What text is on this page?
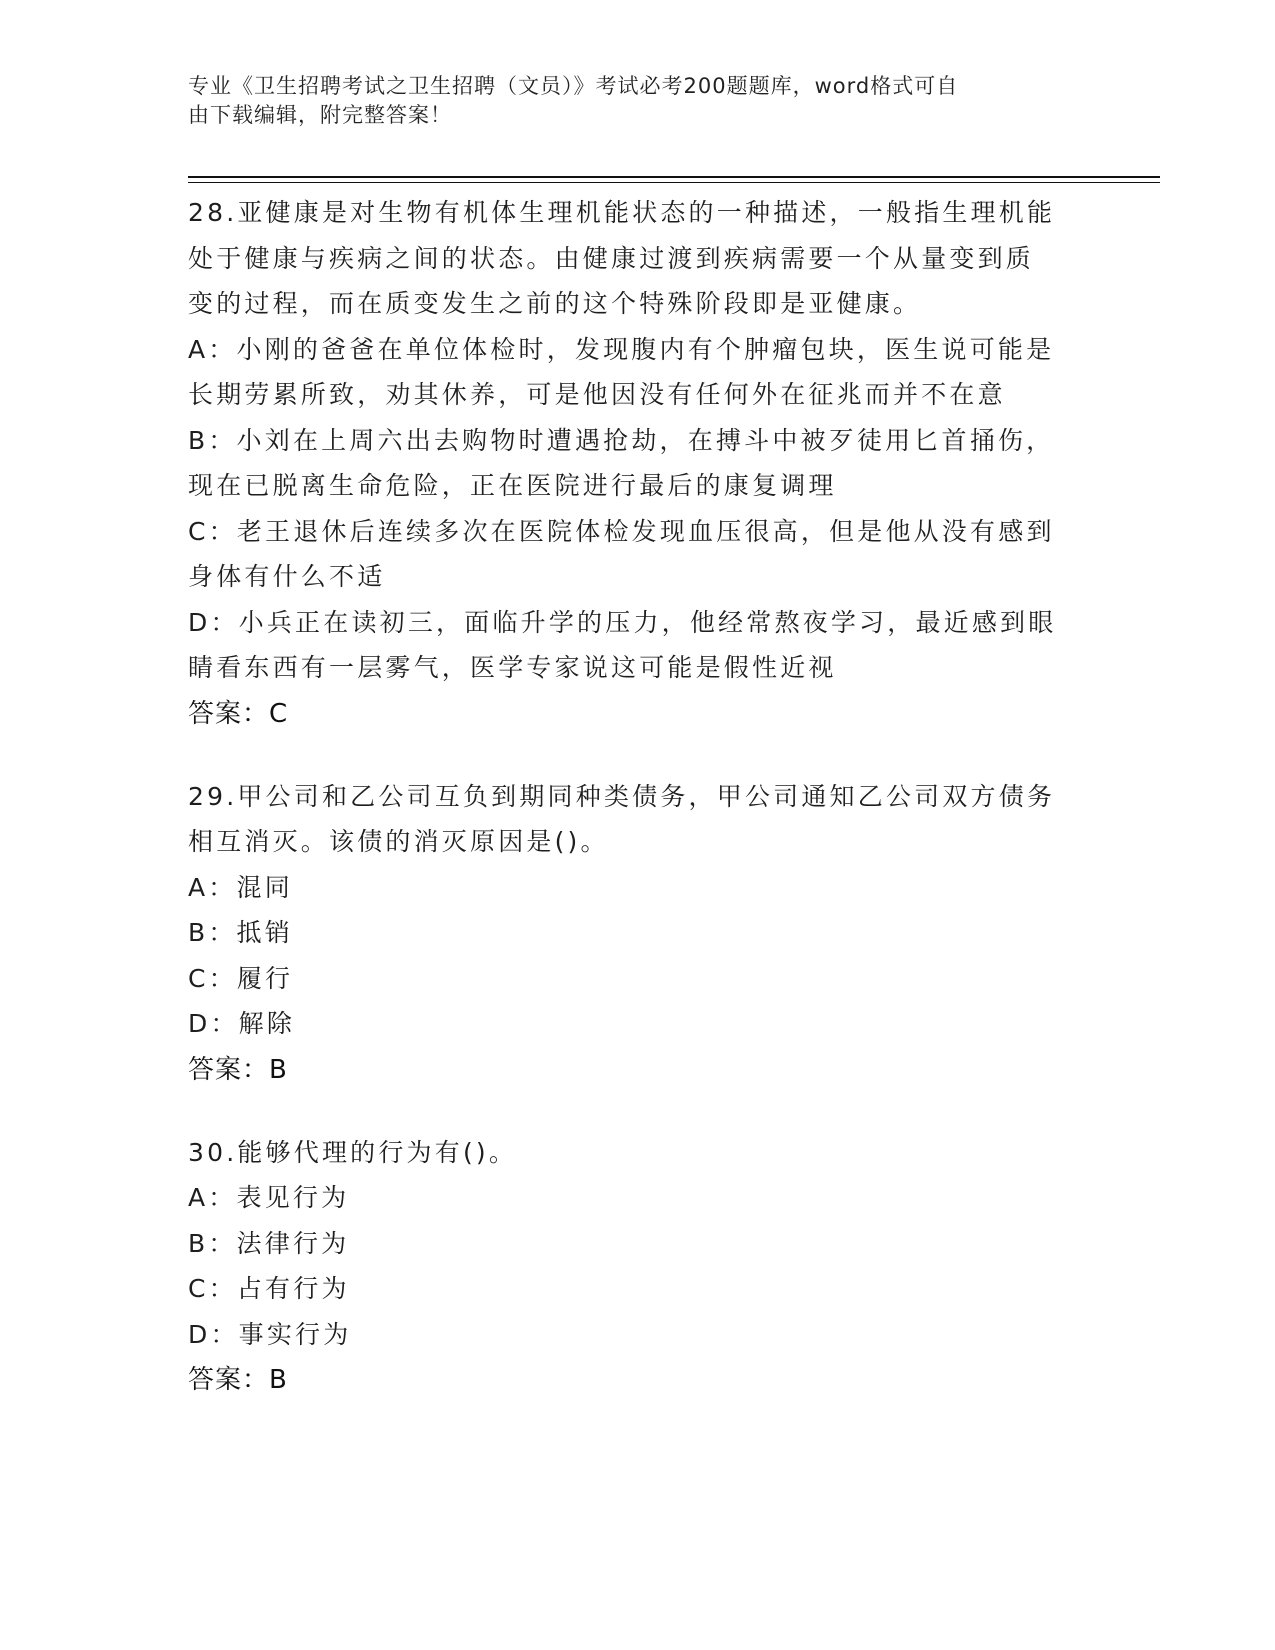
专业《卫生招聘考试之卫生招聘（文员）》考试必考200题题库，word格式可自
由下载编辑，附完整答案！
28.亚健康是对生物有机体生理机能状态的一种描述，一般指生理机能
处于健康与疾病之间的状态。由健康过渡到疾病需要一个从量变到质
变的过程，而在质变发生之前的这个特殊阶段即是亚健康。
A：小刚的爸爸在单位体检时，发现腹内有个肿瘤包块，医生说可能是
长期劳累所致，劝其休养，可是他因没有任何外在征兆而并不在意
B：小刘在上周六出去购物时遭遇抢劫，在搏斗中被歹徒用匕首捅伤，
现在已脱离生命危险，正在医院进行最后的康复调理
C：老王退休后连续多次在医院体检发现血压很高，但是他从没有感到
身体有什么不适
D：小兵正在读初三，面临升学的压力，他经常熬夜学习，最近感到眼
睛看东西有一层雾气，医学专家说这可能是假性近视
答案：C
29.甲公司和乙公司互负到期同种类债务，甲公司通知乙公司双方债务
相互消灭。该债的消灭原因是()。
A：混同
B：抵销
C：履行
D：解除
答案：B
30.能够代理的行为有()。
A：表见行为
B：法律行为
C：占有行为
D：事实行为
答案：B
